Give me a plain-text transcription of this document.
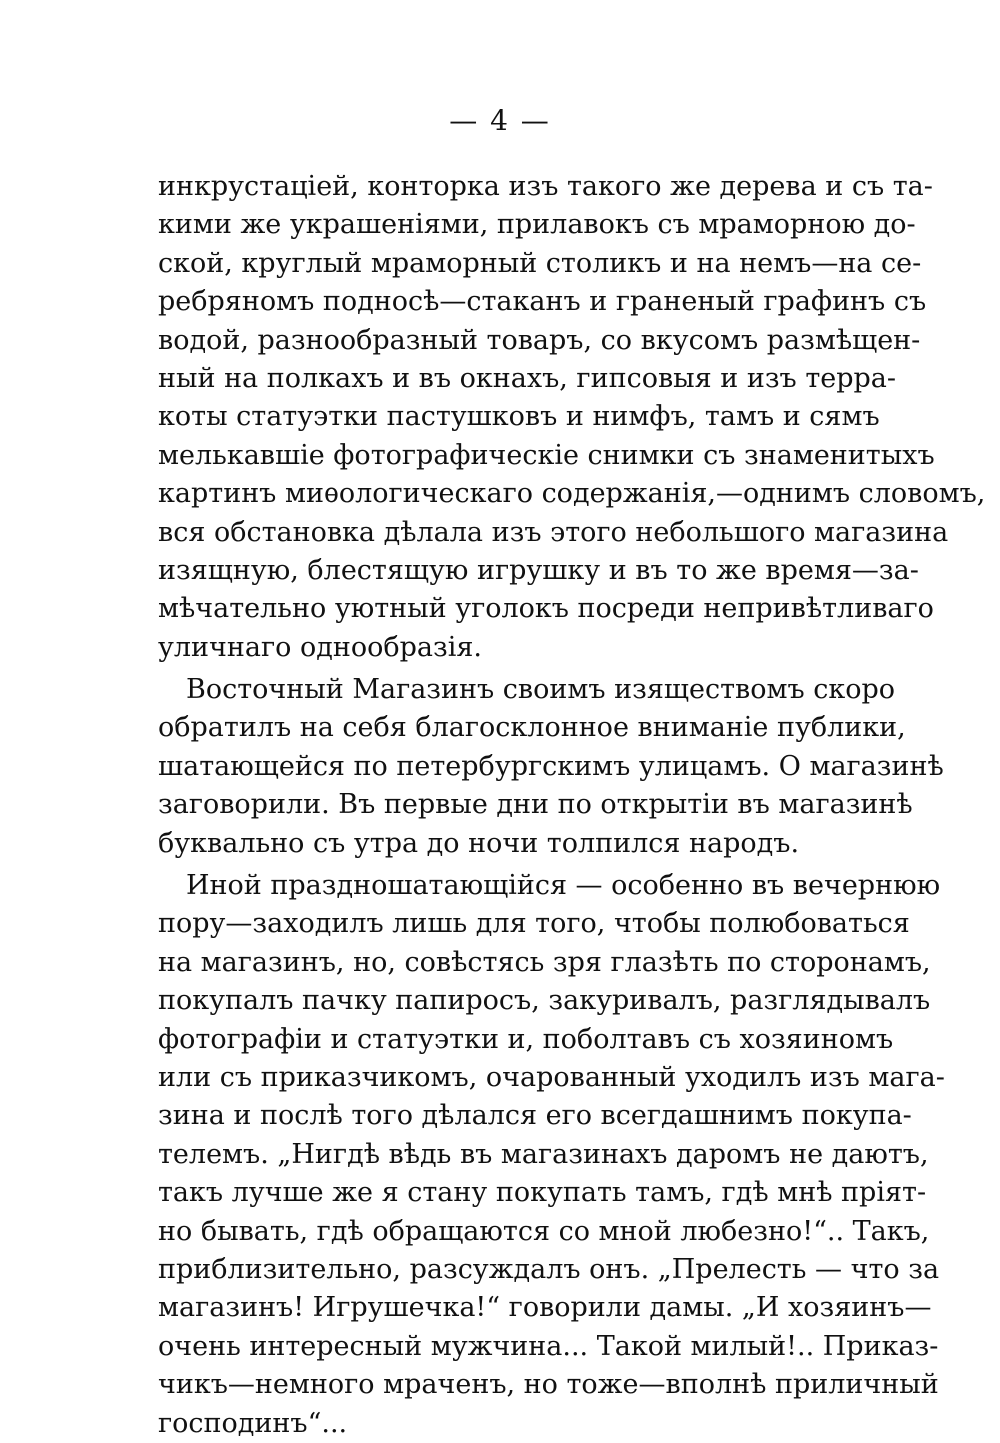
— 4 —
инкрустаціей, конторка изъ такого же дерева и съ та-
кими же украшеніями, прилавокъ съ мраморною до-
ской, круглый мраморный столикъ и на немъ—на се-
ребряномъ подносѣ—стаканъ и граненый графинъ съ
водой, разнообразный товаръ, со вкусомъ размѣщен-
ный на полкахъ и въ окнахъ, гипсовыя и изъ терра-
коты статуэтки пастушковъ и нимфъ, тамъ и сямъ
мелькавшіе фотографическіе снимки съ знаменитыхъ
картинъ миѳологическаго содержанія,—однимъ словомъ,
вся обстановка дѣлала изъ этого небольшого магазина
изящную, блестящую игрушку и въ то же время—за-
мѣчательно уютный уголокъ посреди непривѣтливаго
уличнаго однообразія.
Восточный Магазинъ своимъ изяществомъ скоро
обратилъ на себя благосклонное вниманіе публики,
шатающейся по петербургскимъ улицамъ. О магазинѣ
заговорили. Въ первые дни по открытіи въ магазинѣ
буквально съ утра до ночи толпился народъ.
Иной праздношатающійся — особенно въ вечернюю
пору—заходилъ лишь для того, чтобы полюбоваться
на магазинъ, но, совѣстясь зря глазѣть по сторонамъ,
покупалъ пачку папиросъ, закуривалъ, разглядывалъ
фотографіи и статуэтки и, поболтавъ съ хозяиномъ
или съ приказчикомъ, очарованный уходилъ изъ мага-
зина и послѣ того дѣлался его всегдашнимъ покупа-
телемъ. „Нигдѣ вѣдь въ магазинахъ даромъ не даютъ,
такъ лучше же я стану покупать тамъ, гдѣ мнѣ пріят-
но бывать, гдѣ обращаются со мной любезно!“.. Такъ,
приблизительно, разсуждалъ онъ. „Прелесть — что за
магазинъ! Игрушечка!“ говорили дамы. „И хозяинъ—
очень интересный мужчина... Такой милый!.. Приказ-
чикъ—немного мраченъ, но тоже—вполнѣ приличный
господинъ“...
